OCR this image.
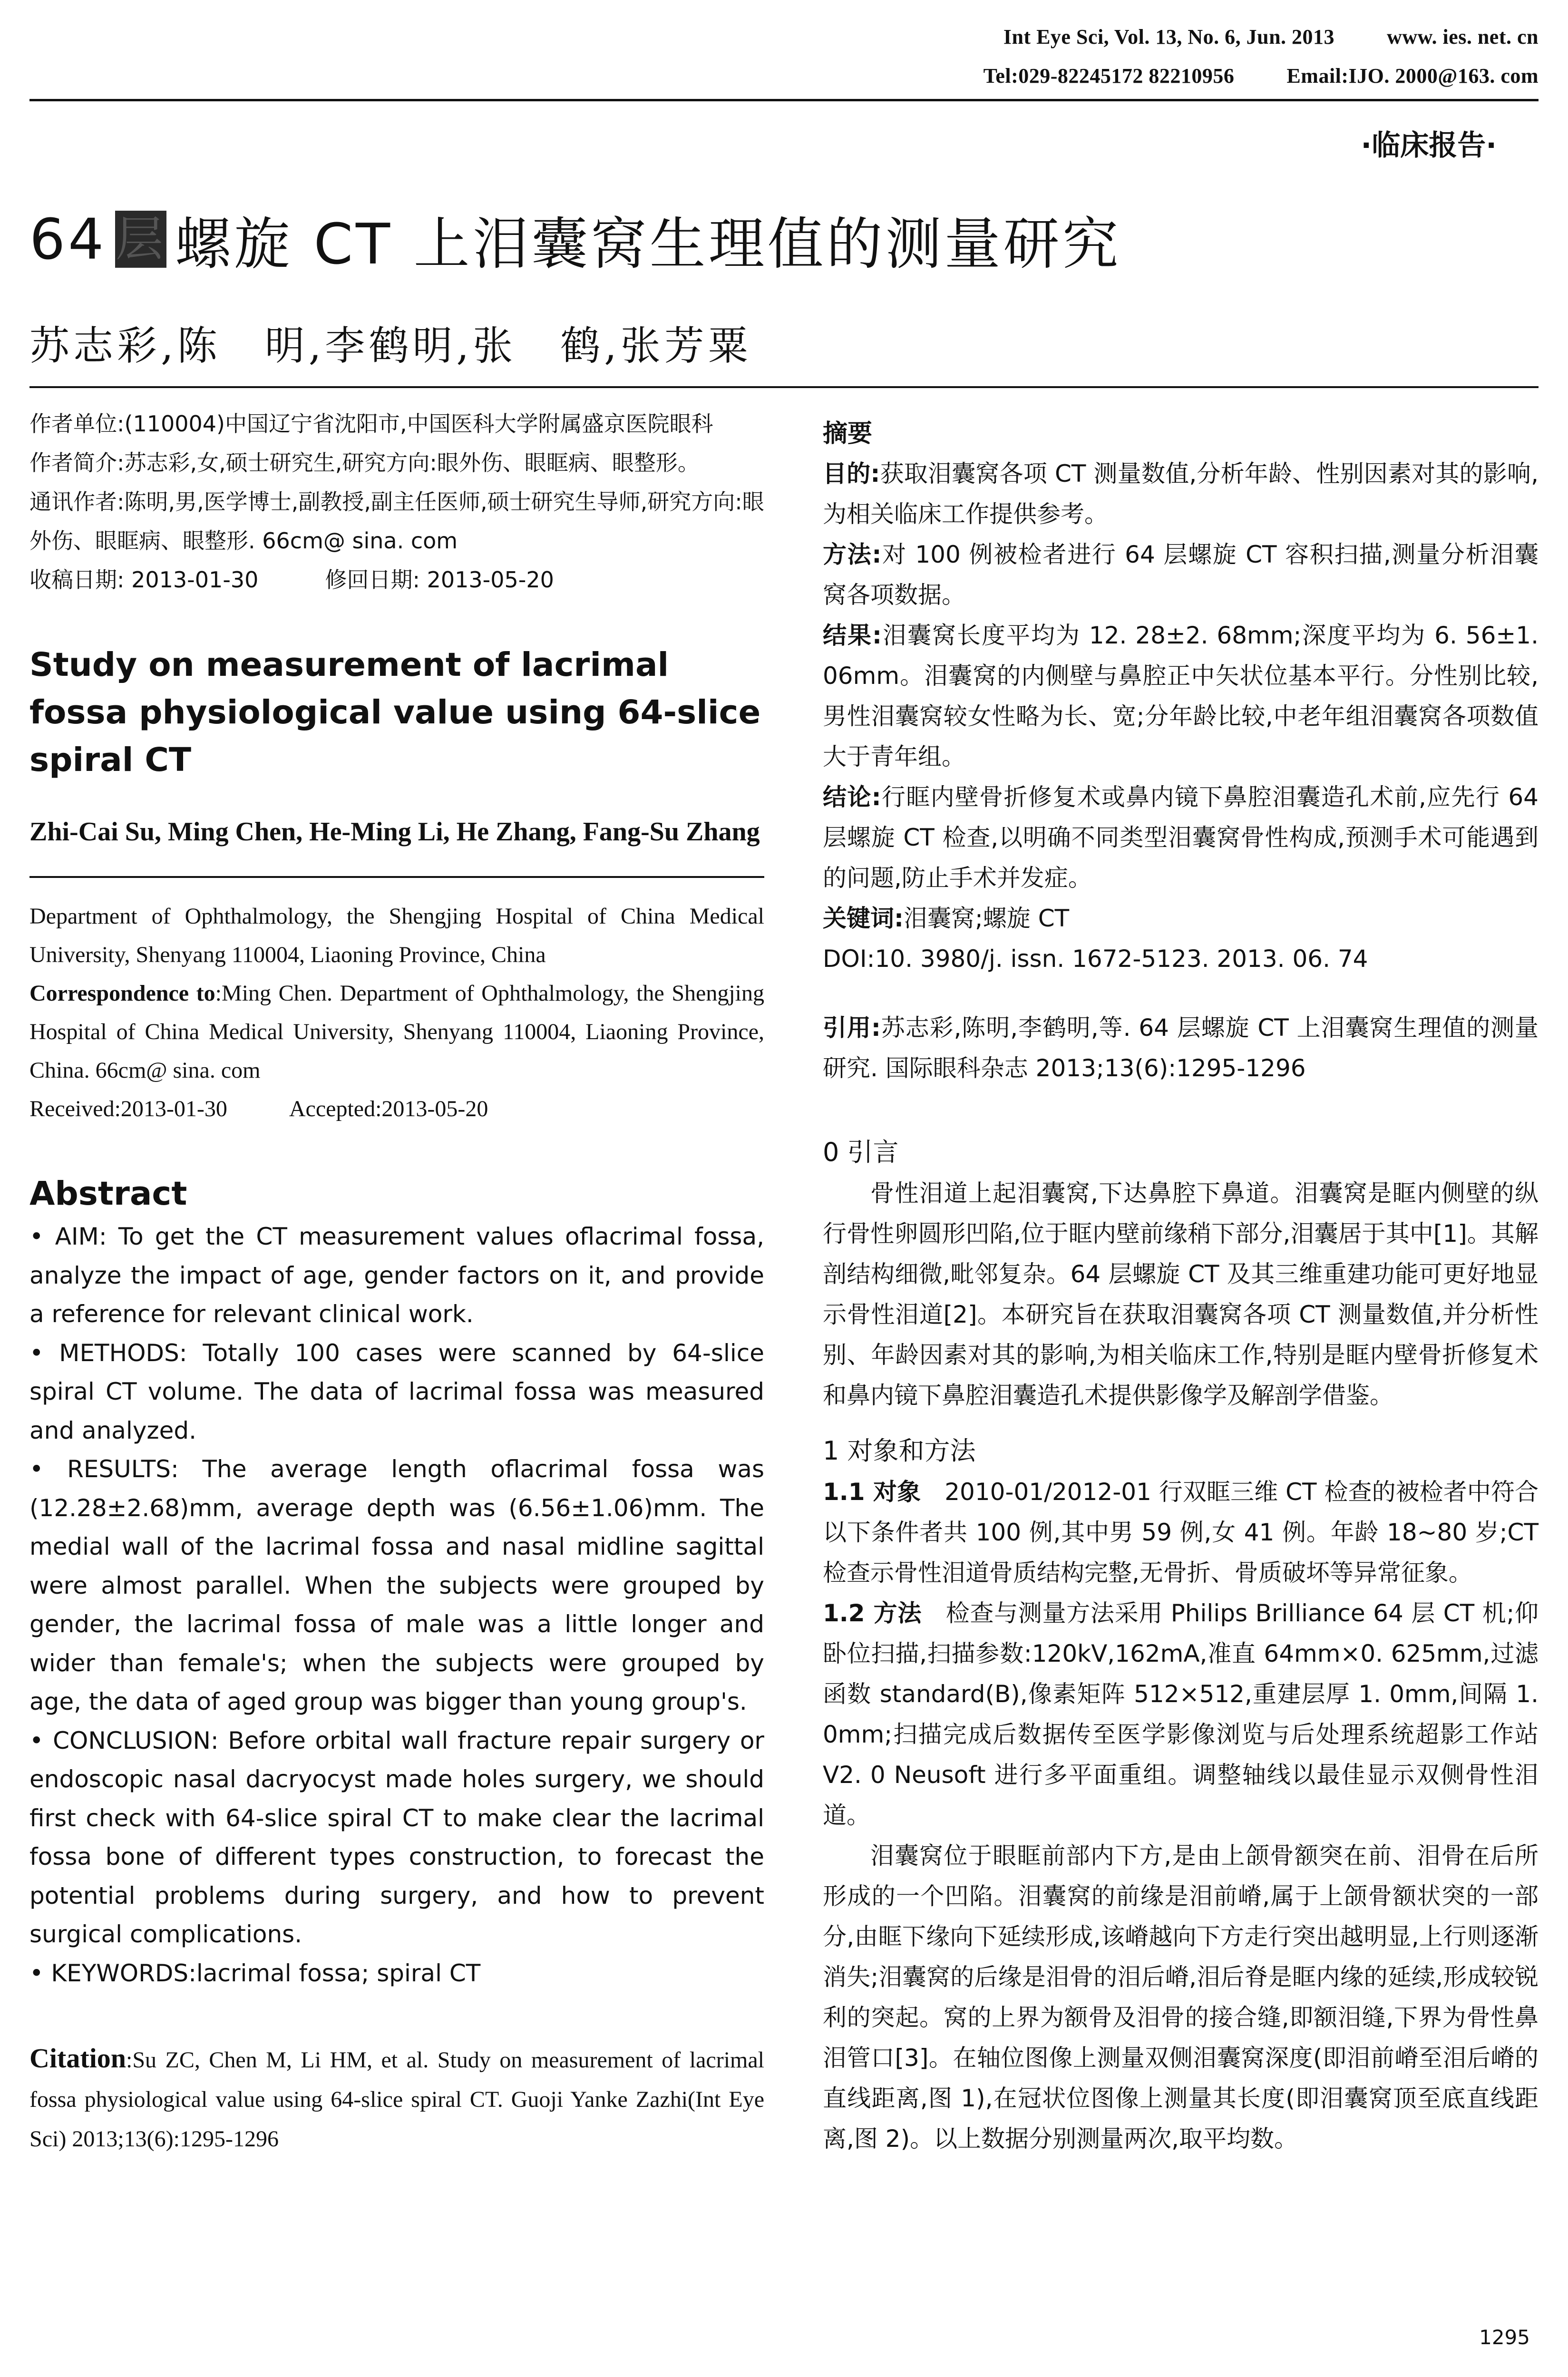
Int Eye Sci, Vol. 13, No. 6, Jun. 2013	www. ies. net. cn
Tel:029-82245172 82210956	Email:IJO. 2000@163. com
·临床报告·
64 层 螺旋 CT 上泪囊窝生理值的测量研究
苏志彩,陈　明,李鹤明,张　鹤,张芳粟

作者单位:(110004)中国辽宁省沈阳市,中国医科大学附属盛京医院眼科

作者简介:苏志彩,女,硕士研究生,研究方向:眼外伤、眼眶病、眼整形。

通讯作者:陈明,男,医学博士,副教授,副主任医师,硕士研究生导师,研究方向:眼外伤、眼眶病、眼整形. 66cm@ sina. com

收稿日期: 2013-01-30	修回日期: 2013-05-20

Study on measurement of lacrimal fossa physiological value using 64-slice spiral CT
Zhi-Cai Su, Ming Chen, He-Ming Li, He Zhang, Fang-Su Zhang
Department of Ophthalmology, the Shengjing Hospital of China Medical University, Shenyang 110004, Liaoning Province, China
Correspondence to:Ming Chen. Department of Ophthalmology, the Shengjing Hospital of China Medical University, Shenyang 110004, Liaoning Province, China. 66cm@ sina. com
Received:2013-01-30	Accepted:2013-05-20
Abstract

• AIM: To get the CT measurement values oflacrimal fossa, analyze the impact of age, gender factors on it, and provide a reference for relevant clinical work.

• METHODS: Totally 100 cases were scanned by 64-slice spiral CT volume. The data of lacrimal fossa was measured and analyzed.

• RESULTS: The average length oflacrimal fossa was (12.28±2.68)mm, average depth was (6.56±1.06)mm. The medial wall of the lacrimal fossa and nasal midline sagittal were almost parallel. When the subjects were grouped by gender, the lacrimal fossa of male was a little longer and wider than female's; when the subjects were grouped by age, the data of aged group was bigger than young group's.

• CONCLUSION: Before orbital wall fracture repair surgery or endoscopic nasal dacryocyst made holes surgery, we should first check with 64-slice spiral CT to make clear the lacrimal fossa bone of different types construction, to forecast the potential problems during surgery, and how to prevent surgical complications.

• KEYWORDS:lacrimal fossa; spiral CT

Citation:Su ZC, Chen M, Li HM, et al. Study on measurement of lacrimal fossa physiological value using 64-slice spiral CT. Guoji Yanke Zazhi(Int Eye Sci) 2013;13(6):1295-1296
摘要

目的:获取泪囊窝各项 CT 测量数值,分析年龄、性别因素对其的影响,为相关临床工作提供参考。

方法:对 100 例被检者进行 64 层螺旋 CT 容积扫描,测量分析泪囊窝各项数据。

结果:泪囊窝长度平均为 12. 28±2. 68mm;深度平均为 6. 56±1. 06mm。泪囊窝的内侧壁与鼻腔正中矢状位基本平行。分性别比较,男性泪囊窝较女性略为长、宽;分年龄比较,中老年组泪囊窝各项数值大于青年组。

结论:行眶内壁骨折修复术或鼻内镜下鼻腔泪囊造孔术前,应先行 64 层螺旋 CT 检查,以明确不同类型泪囊窝骨性构成,预测手术可能遇到的问题,防止手术并发症。

关键词:泪囊窝;螺旋 CT

DOI:10. 3980/j. issn. 1672-5123. 2013. 06. 74

引用:苏志彩,陈明,李鹤明,等. 64 层螺旋 CT 上泪囊窝生理值的测量研究. 国际眼科杂志 2013;13(6):1295-1296

0 引言

骨性泪道上起泪囊窝,下达鼻腔下鼻道。泪囊窝是眶内侧壁的纵行骨性卵圆形凹陷,位于眶内壁前缘稍下部分,泪囊居于其中[1]。其解剖结构细微,毗邻复杂。64 层螺旋 CT 及其三维重建功能可更好地显示骨性泪道[2]。本研究旨在获取泪囊窝各项 CT 测量数值,并分析性别、年龄因素对其的影响,为相关临床工作,特别是眶内壁骨折修复术和鼻内镜下鼻腔泪囊造孔术提供影像学及解剖学借鉴。

1 对象和方法

1.1 对象　 2010-01/2012-01 行双眶三维 CT 检查的被检者中符合以下条件者共 100 例,其中男 59 例,女 41 例。年龄 18~80 岁;CT 检查示骨性泪道骨质结构完整,无骨折、骨质破坏等异常征象。

1.2 方法　 检查与测量方法采用 Philips Brilliance 64 层 CT 机;仰卧位扫描,扫描参数:120kV,162mA,准直 64mm×0. 625mm,过滤函数 standard(B),像素矩阵 512×512,重建层厚 1. 0mm,间隔 1. 0mm;扫描完成后数据传至医学影像浏览与后处理系统超影工作站 V2. 0 Neusoft 进行多平面重组。调整轴线以最佳显示双侧骨性泪道。

泪囊窝位于眼眶前部内下方,是由上颌骨额突在前、泪骨在后所形成的一个凹陷。泪囊窝的前缘是泪前嵴,属于上颌骨额状突的一部分,由眶下缘向下延续形成,该嵴越向下方走行突出越明显,上行则逐渐消失;泪囊窝的后缘是泪骨的泪后嵴,泪后脊是眶内缘的延续,形成较锐利的突起。窝的上界为额骨及泪骨的接合缝,即额泪缝,下界为骨性鼻泪管口[3]。在轴位图像上测量双侧泪囊窝深度(即泪前嵴至泪后嵴的直线距离,图 1),在冠状位图像上测量其长度(即泪囊窝顶至底直线距离,图 2)。以上数据分别测量两次,取平均数。

1295
